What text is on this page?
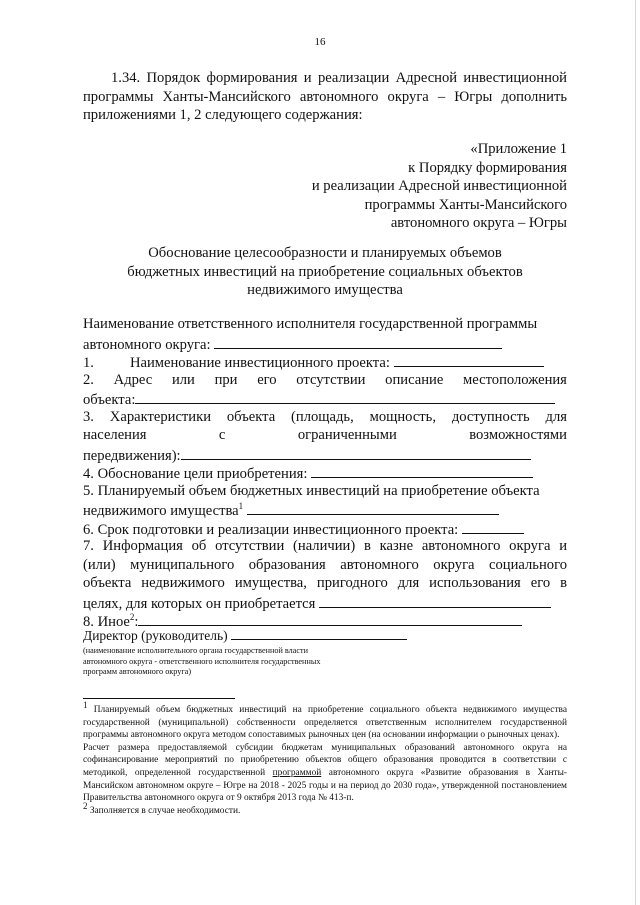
16
1.34. Порядок формирования и реализации Адресной инвестиционной программы Ханты-Мансийского автономного округа – Югры дополнить приложениями 1, 2 следующего содержания:
«Приложение 1
к Порядку формирования
и реализации Адресной инвестиционной
программы Ханты-Мансийского
автономного округа – Югры
Обоснование целесообразности и планируемых объемов
бюджетных инвестиций на приобретение социальных объектов
недвижимого имущества
Наименование ответственного исполнителя государственной программы
автономного округа:
1. Наименование инвестиционного проекта:
2. Адрес или при его отсутствии описание местоположения
объекта:
3. Характеристики объекта (площадь, мощность, доступность для
населения	с	ограниченными	возможностями
передвижения):
4. Обоснование цели приобретения:
5. Планируемый объем бюджетных инвестиций на приобретение объекта
недвижимого имущества$^1$
6. Срок подготовки и реализации инвестиционного проекта:
7. Информация об отсутствии (наличии) в казне автономного округа и
(или) муниципального образования автономного округа социального
объекта недвижимого имущества, пригодного для использования его в
целях, для которых он приобретается
8. Иное$^2$:
Директор (руководитель)
(наименование исполнительного органа государственной власти
автономного округа - ответственного исполнителя государственных
программ автономного округа)

$^1$ Планируемый объем бюджетных инвестиций на приобретение социального объекта недвижимого имущества государственной (муниципальной) собственности определяется ответственным исполнителем государственной программы автономного округа методом сопоставимых рыночных цен (на основании информации о рыночных ценах).

Расчет размера предоставляемой субсидии бюджетам муниципальных образований автономного округа на софинансирование мероприятий по приобретению объектов общего образования проводится в соответствии с методикой, определенной государственной программой автономного округа «Развитие образования в Ханты-Мансийском автономном округе – Югре на 2018 - 2025 годы и на период до 2030 года», утвержденной постановлением Правительства автономного округа от 9 октября 2013 года № 413-п.

$^2$ Заполняется в случае необходимости.
